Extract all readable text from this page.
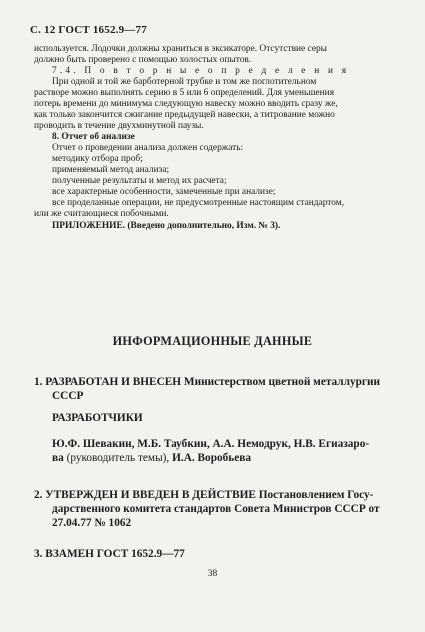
С. 12 ГОСТ 1652.9—77
используется. Лодочки должны храниться в эксикаторе. Отсутствие серы
должно быть проверено с помощью холостых опытов.
7.4. П о в т о р н ы е о п р е д е л е н и я
При одной и той же барботерной трубке и том же поглотительном
растворе можно выполнять серию в 5 или 6 определений. Для уменьшения
потерь времени до минимума следующую навеску можно вводить сразу же,
как только закончится сжигание предыдущей навески, а титрование можно
проводить в течение двухминутной паузы.
8. Отчет об анализе
Отчет о проведении анализа должен содержать:
методику отбора проб;
применяемый метод анализа;
полученные результаты и метод их расчета;
все характерные особенности, замеченные при анализе;
все проделанные операции, не предусмотренные настоящим стандартом,
или же считающиеся побочными.
ПРИЛОЖЕНИЕ. (Введено дополнительно, Изм. № 3).
ИНФОРМАЦИОННЫЕ ДАННЫЕ
1. РАЗРАБОТАН И ВНЕСЕН Министерством цветной металлургии
СССР
РАЗРАБОТЧИКИ
Ю.Ф. Шевакин, М.Б. Таубкин, А.А. Немодрук, Н.В. Егиазаро-
ва (руководитель темы), И.А. Воробьева
2. УТВЕРЖДЕН И ВВЕДЕН В ДЕЙСТВИЕ Постановлением Госу-
дарственного комитета стандартов Совета Министров СССР от
27.04.77 № 1062
3. ВЗАМЕН ГОСТ 1652.9—77
38
